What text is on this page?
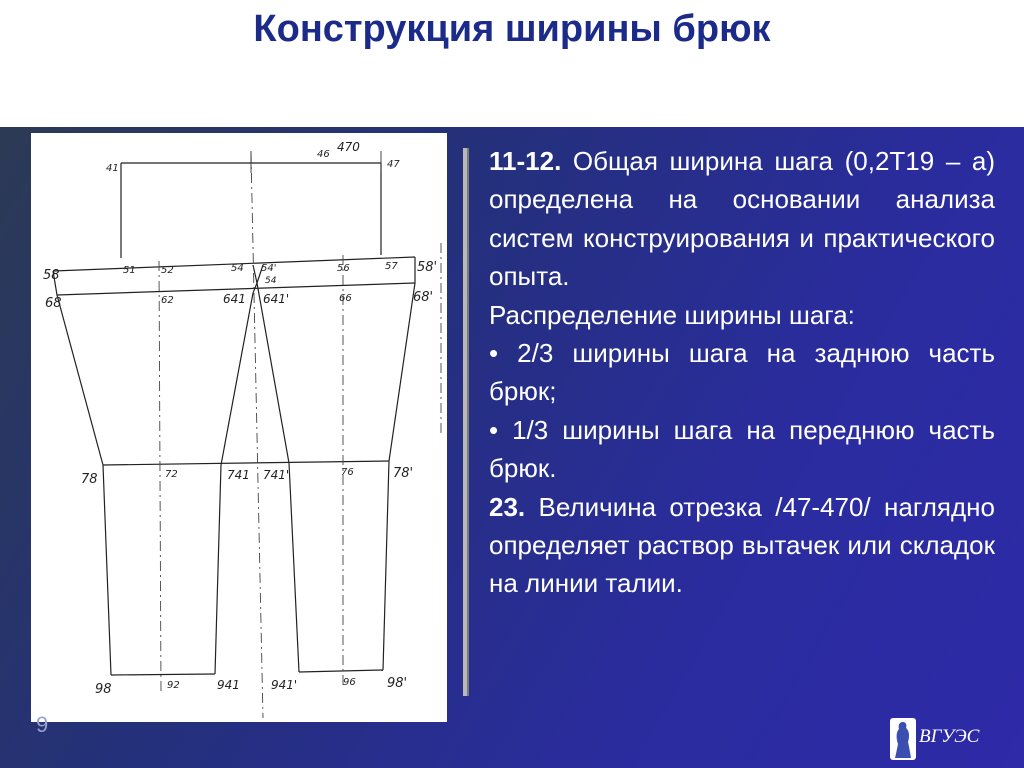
Конструкция ширины брюк
41
46
470
47
58	51	52	54 54'
54
56	57 58'
68	62	641 641'	66	68'
78	72	741 741'	76	78'
98	92	941	941'	96 98'

11-12. Общая ширина шага (0,2Т19 – а) определена на основании анализа систем конструирования и практического опыта.

Распределение ширины шага:

• 2/3 ширины шага на заднюю часть брюк;

• 1/3 ширины шага на переднюю часть брюк.

23. Величина отрезка /47-470/ наглядно определяет раствор вытачек или складок на линии талии.

9	ВГУЭС
